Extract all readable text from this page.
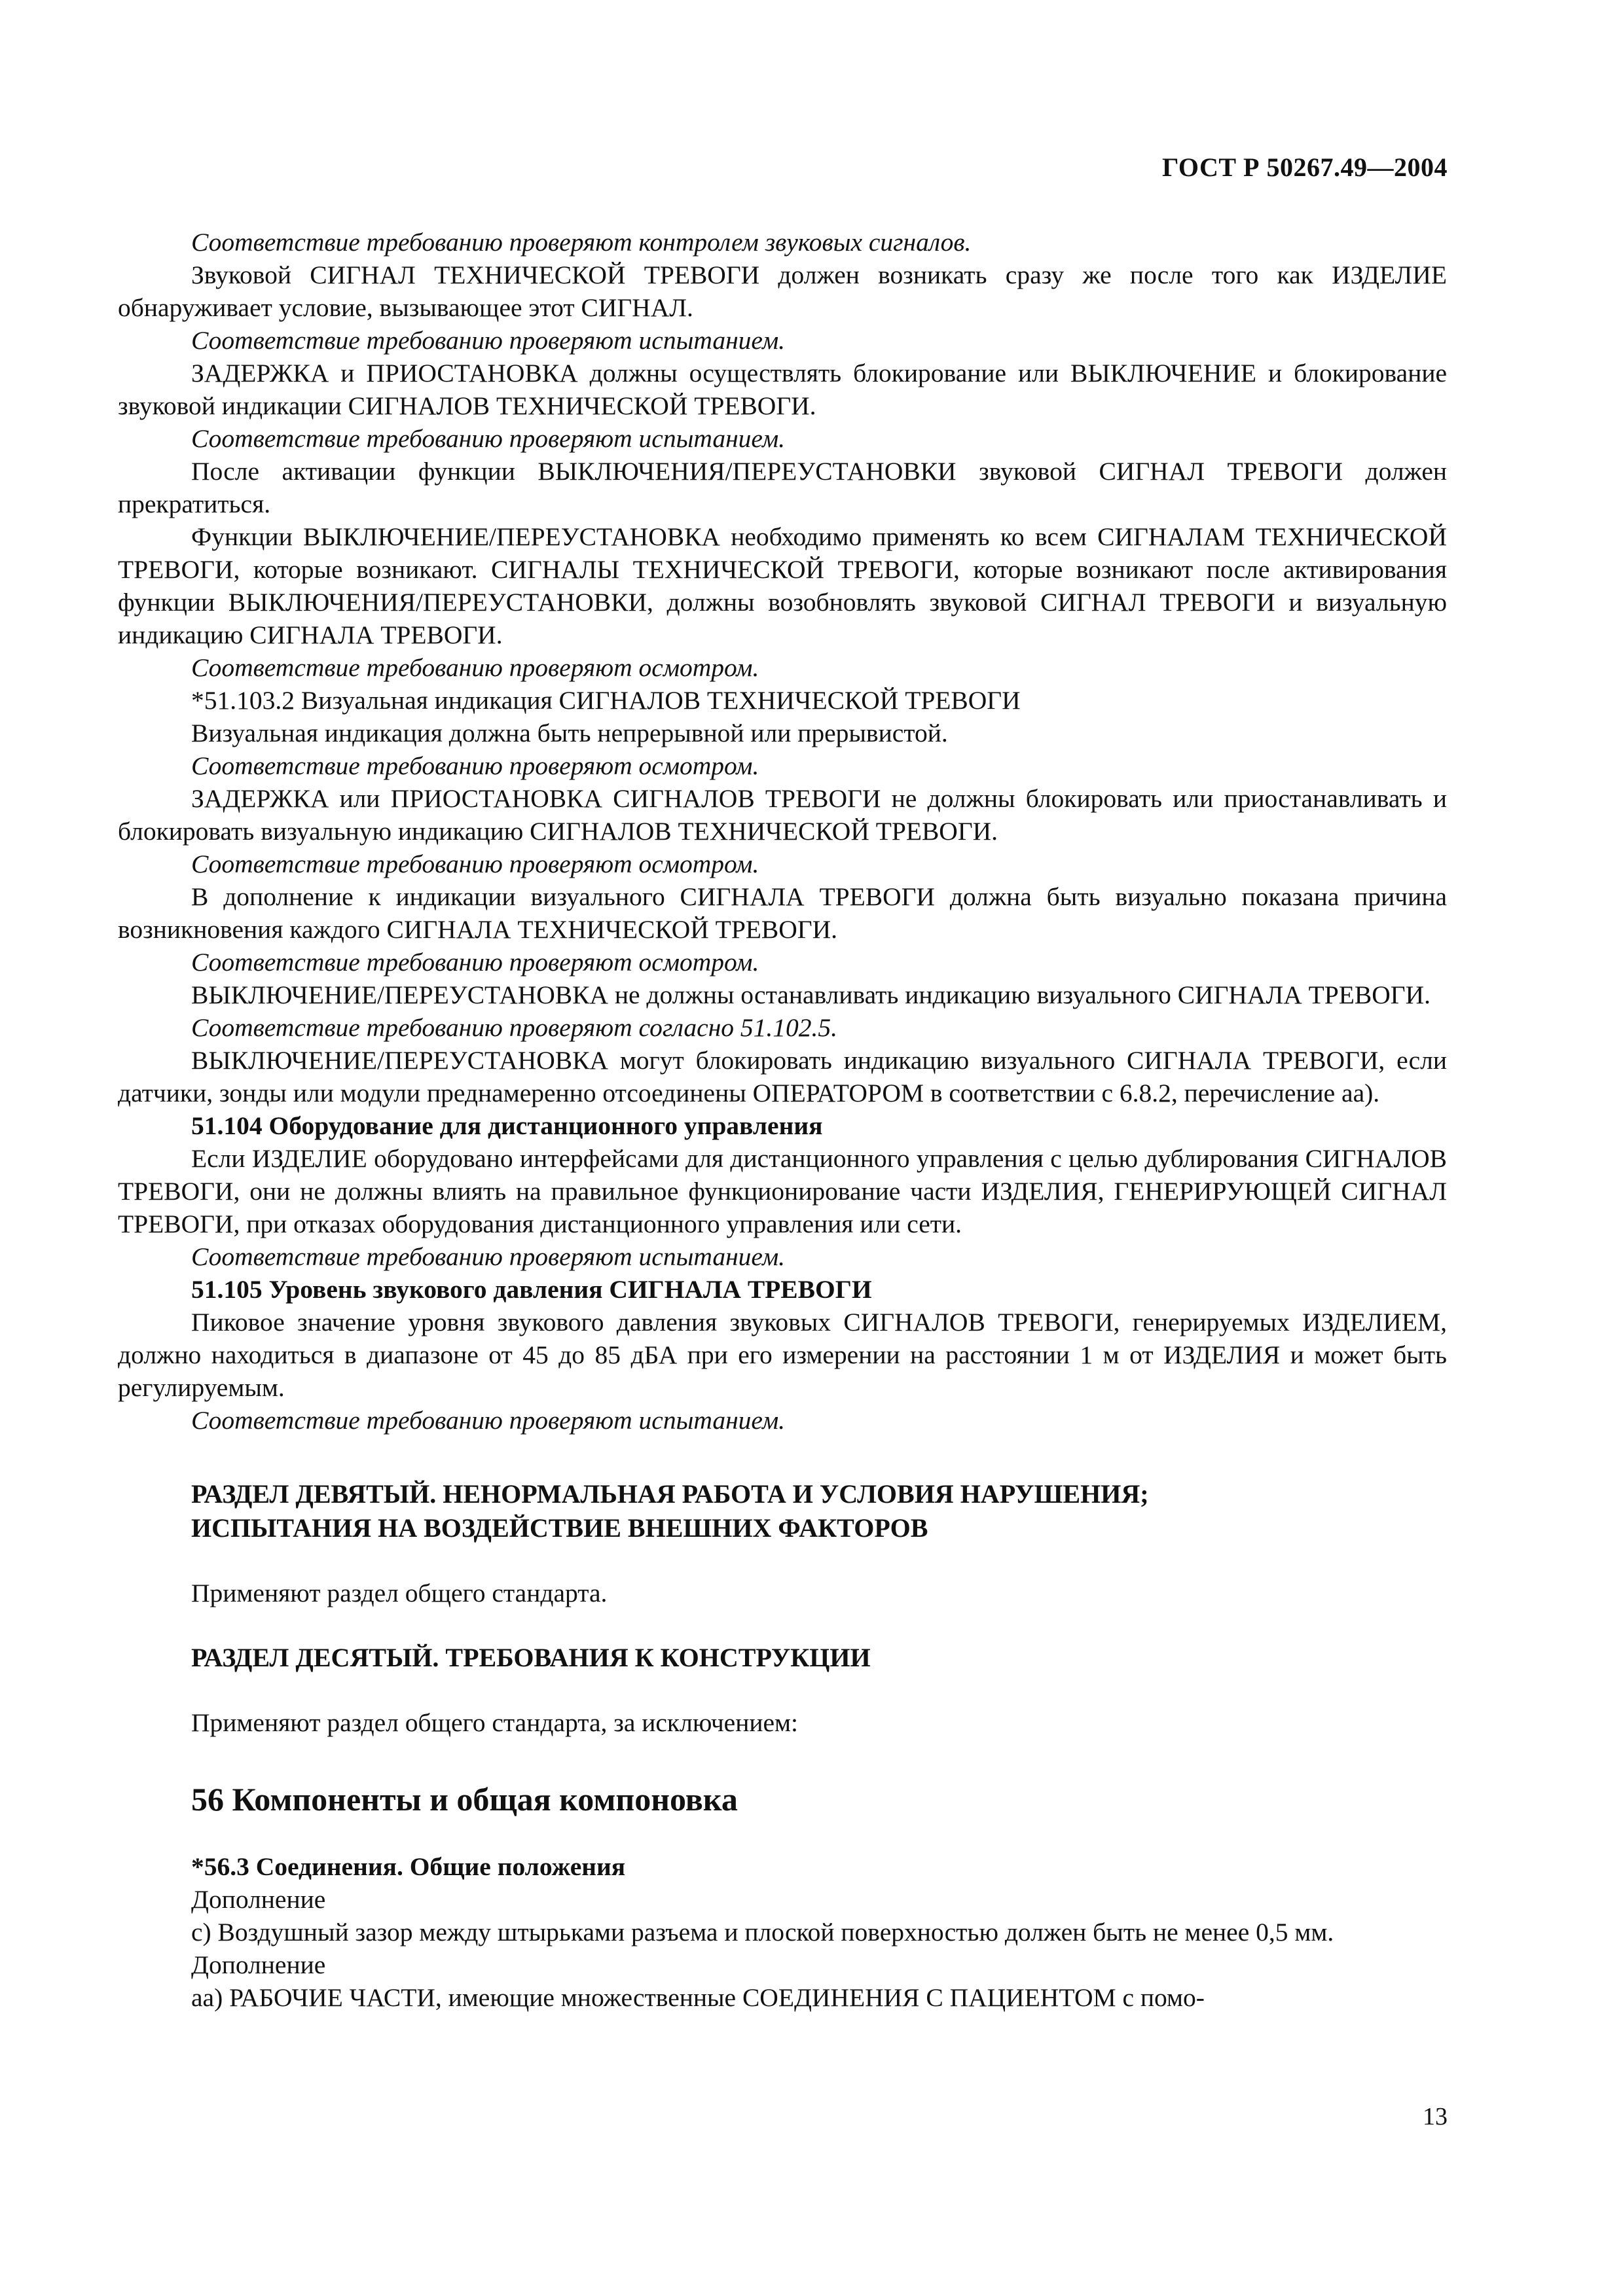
ГОСТ Р 50267.49—2004

Соответствие требованию проверяют контролем звуковых сигналов.

Звуковой СИГНАЛ ТЕХНИЧЕСКОЙ ТРЕВОГИ должен возникать сразу же после того как ИЗДЕЛИЕ обнаруживает условие, вызывающее этот СИГНАЛ.

Соответствие требованию проверяют испытанием.

ЗАДЕРЖКА и ПРИОСТАНОВКА должны осуществлять блокирование или ВЫКЛЮЧЕНИЕ и блокирование звуковой индикации СИГНАЛОВ ТЕХНИЧЕСКОЙ ТРЕВОГИ.

Соответствие требованию проверяют испытанием.

После активации функции ВЫКЛЮЧЕНИЯ/ПЕРЕУСТАНОВКИ звуковой СИГНАЛ ТРЕВОГИ должен прекратиться.

Функции ВЫКЛЮЧЕНИЕ/ПЕРЕУСТАНОВКА необходимо применять ко всем СИГНАЛАМ ТЕХНИЧЕСКОЙ ТРЕВОГИ, которые возникают. СИГНАЛЫ ТЕХНИЧЕСКОЙ ТРЕВОГИ, которые возникают после активирования функции ВЫКЛЮЧЕНИЯ/ПЕРЕУСТАНОВКИ, должны возобновлять звуковой СИГНАЛ ТРЕВОГИ и визуальную индикацию СИГНАЛА ТРЕВОГИ.

Соответствие требованию проверяют осмотром.

*51.103.2 Визуальная индикация СИГНАЛОВ ТЕХНИЧЕСКОЙ ТРЕВОГИ

Визуальная индикация должна быть непрерывной или прерывистой.

Соответствие требованию проверяют осмотром.

ЗАДЕРЖКА или ПРИОСТАНОВКА СИГНАЛОВ ТРЕВОГИ не должны блокировать или приостанавливать и блокировать визуальную индикацию СИГНАЛОВ ТЕХНИЧЕСКОЙ ТРЕВОГИ.

Соответствие требованию проверяют осмотром.

В дополнение к индикации визуального СИГНАЛА ТРЕВОГИ должна быть визуально показана причина возникновения каждого СИГНАЛА ТЕХНИЧЕСКОЙ ТРЕВОГИ.

Соответствие требованию проверяют осмотром.

ВЫКЛЮЧЕНИЕ/ПЕРЕУСТАНОВКА не должны останавливать индикацию визуального СИГНАЛА ТРЕВОГИ.

Соответствие требованию проверяют согласно 51.102.5.

ВЫКЛЮЧЕНИЕ/ПЕРЕУСТАНОВКА могут блокировать индикацию визуального СИГНАЛА ТРЕВОГИ, если датчики, зонды или модули преднамеренно отсоединены ОПЕРАТОРОМ в соответствии с 6.8.2, перечисление аа).

51.104 Оборудование для дистанционного управления

Если ИЗДЕЛИЕ оборудовано интерфейсами для дистанционного управления с целью дублирования СИГНАЛОВ ТРЕВОГИ, они не должны влиять на правильное функционирование части ИЗДЕЛИЯ, ГЕНЕРИРУЮЩЕЙ СИГНАЛ ТРЕВОГИ, при отказах оборудования дистанционного управления или сети.

Соответствие требованию проверяют испытанием.

51.105 Уровень звукового давления СИГНАЛА ТРЕВОГИ

Пиковое значение уровня звукового давления звуковых СИГНАЛОВ ТРЕВОГИ, генерируемых ИЗДЕЛИЕМ, должно находиться в диапазоне от 45 до 85 дБА при его измерении на расстоянии 1 м от ИЗДЕЛИЯ и может быть регулируемым.

Соответствие требованию проверяют испытанием.

РАЗДЕЛ ДЕВЯТЫЙ. НЕНОРМАЛЬНАЯ РАБОТА И УСЛОВИЯ НАРУШЕНИЯ;
ИСПЫТАНИЯ НА ВОЗДЕЙСТВИЕ ВНЕШНИХ ФАКТОРОВ

Применяют раздел общего стандарта.

РАЗДЕЛ ДЕСЯТЫЙ. ТРЕБОВАНИЯ К КОНСТРУКЦИИ

Применяют раздел общего стандарта, за исключением:

56 Компоненты и общая компоновка

*56.3 Соединения. Общие положения

Дополнение

с) Воздушный зазор между штырьками разъема и плоской поверхностью должен быть не менее 0,5 мм.

Дополнение

аа) РАБОЧИЕ ЧАСТИ, имеющие множественные СОЕДИНЕНИЯ С ПАЦИЕНТОМ с помо-

13
